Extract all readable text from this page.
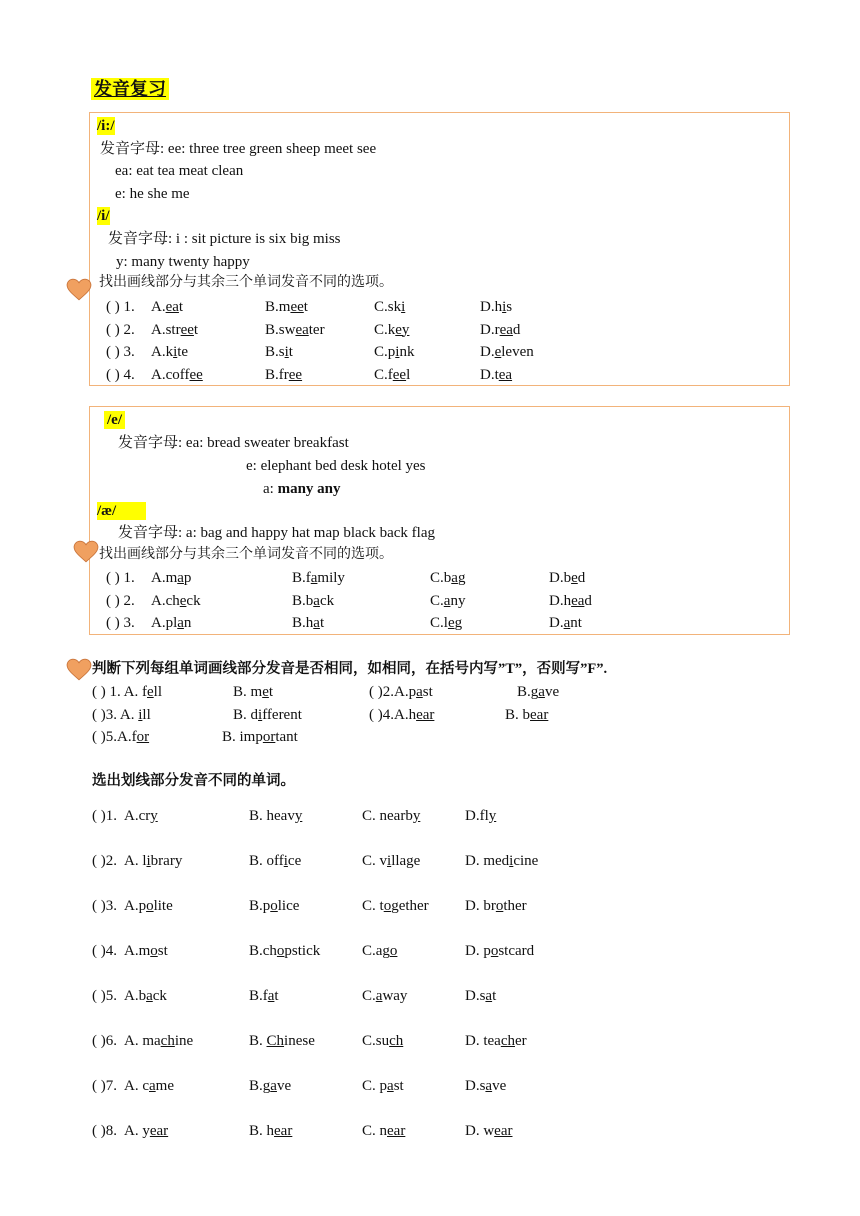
发音复习
/i:/
发音字母: ee: three tree green sheep meet see
ea: eat tea meat clean
e: he she me
/i/
发音字母: i : sit picture is six big miss
y: many twenty happy
找出画线部分与其余三个单词发音不同的选项。
( ) 1. A.eat	B.meet	C.ski	D.his
( ) 2. A.street	B.sweater	C.key	D.read
( ) 3. A.kite	B.sit	C.pink	D.eleven
( ) 4. A.coffee	B.free	C.feel	D.tea
/e/
发音字母: ea: bread sweater breakfast
e: elephant bed desk hotel yes
a: many any
/æ/
发音字母: a: bag and happy hat map black back flag
找出画线部分与其余三个单词发音不同的选项。
( ) 1. A.map	B.family	C.bag	D.bed
( ) 2. A.check	B.back	C.any	D.head
( ) 3. A.plan	B.hat	C.leg	D.ant
判断下列每组单词画线部分发音是否相同，如相同，在括号内写”T”，否则写”F”.
( ) 1. A. fell	B. met	( )2.A.past	B.gave
( )3. A. ill	B. different	( )4.A.hear	B. bear
( )5.A.for	B. important
选出划线部分发音不同的单词。
( )1. A.cry	B. heavy	C. nearby	D.fly
( )2. A. library	B. office	C. village	D. medicine
( )3. A.polite	B.police	C. together D. brother
( )4. A.most	B.chopstick	C.ago	D. postcard
( )5. A.back	B.fat	C.away	D.sat
( )6. A. machine	B. Chinese	C.such	D. teacher
( )7. A. came	B.gave	C. past	D.save
( )8. A. year	B. hear	C. near	D. wear
